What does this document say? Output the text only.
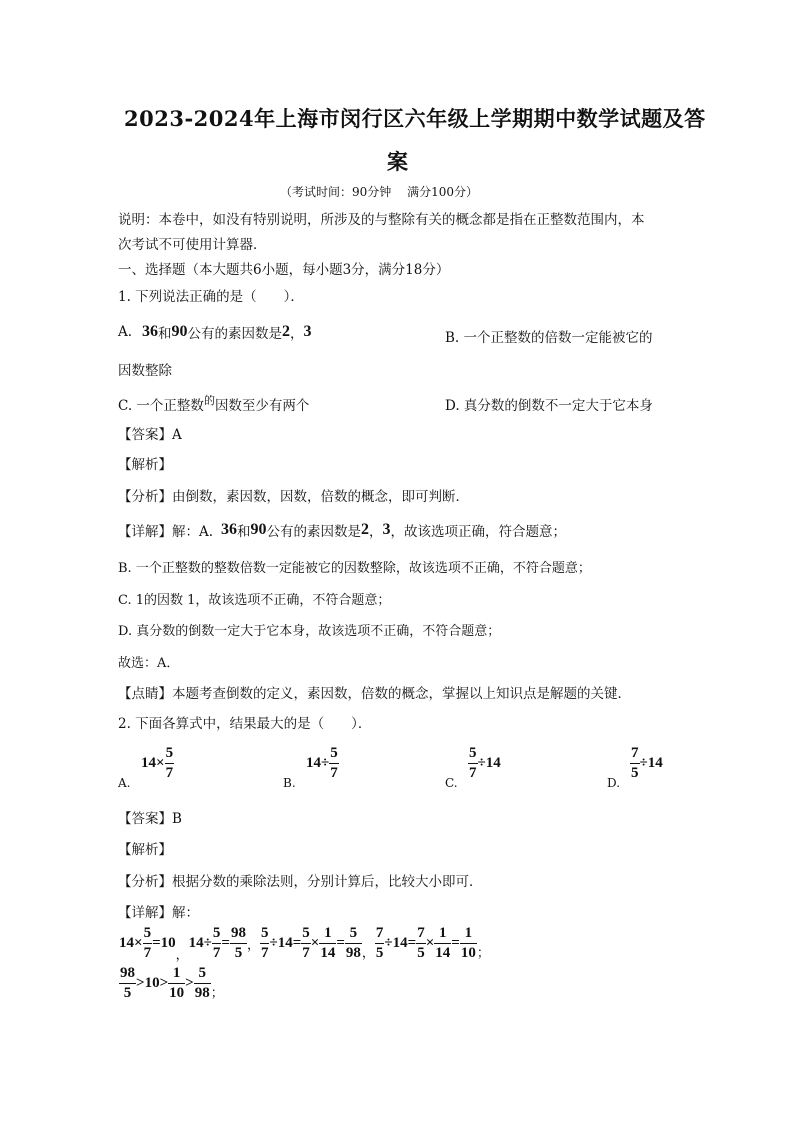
2023-2024年上海市闵行区六年级上学期期中数学试题及答
案
（考试时间：90分钟　 满分100分）
说明：本卷中，如没有特别说明，所涉及的与整除有关的概念都是指在正整数范围内，本
次考试不可使用计算器．
一、选择题（本大题共6小题，每小题3分，满分18分）
1. 下列说法正确的是（　　）．
A. 36 和 90 公有的素因数是 2 ， 3	B. 一个正整数的倍数一定能被它的
因数整除
C. 一个正整数$^的$因数至少有两个	D. 真分数的倒数不一定大于它本身
【答案】A
【解析】
【分析】由倒数，素因数，因数，倍数的概念，即可判断．
【详解】解：A. 36 和 90 公有的素因数是 2 ， 3 ，故该选项正确，符合题意；
B. 一个正整数的整数倍数一定能被它的因数整除，故该选项不正确，不符合题意；
C. 1的因数 1，故该选项不正确，不符合题意；
D. 真分数的倒数一定大于它本身，故该选项不正确，不符合题意；
故选：A．
【点睛】本题考查倒数的定义，素因数，倍数的概念，掌握以上知识点是解题的关键．
2. 下面各算式中，结果最大的是（　　）．
A.
$14 \times \frac{5}{7}$
B.
$14 \div \frac{5}{7}$
C.
$\frac{5}{7} \div 14$
D.
$\frac{7}{5} \div 14$
【答案】B
【解析】
【分析】根据分数的乘除法则，分别计算后，比较大小即可．
【详解】解：
$14 \times \frac{5}{7} = 10$
，
$14 \div \frac{5}{7} = \frac{98}{5}$ ， $\frac{5}{7} \div 14 = \frac{5}{7} \times \frac{1}{14} = \frac{5}{98}$ ， $\frac{7}{5} \div 14 = \frac{7}{5} \times \frac{1}{14} = \frac{1}{10}$ ；
$\frac{98}{5} > 10 > \frac{1}{10} > \frac{5}{98}$ ；
